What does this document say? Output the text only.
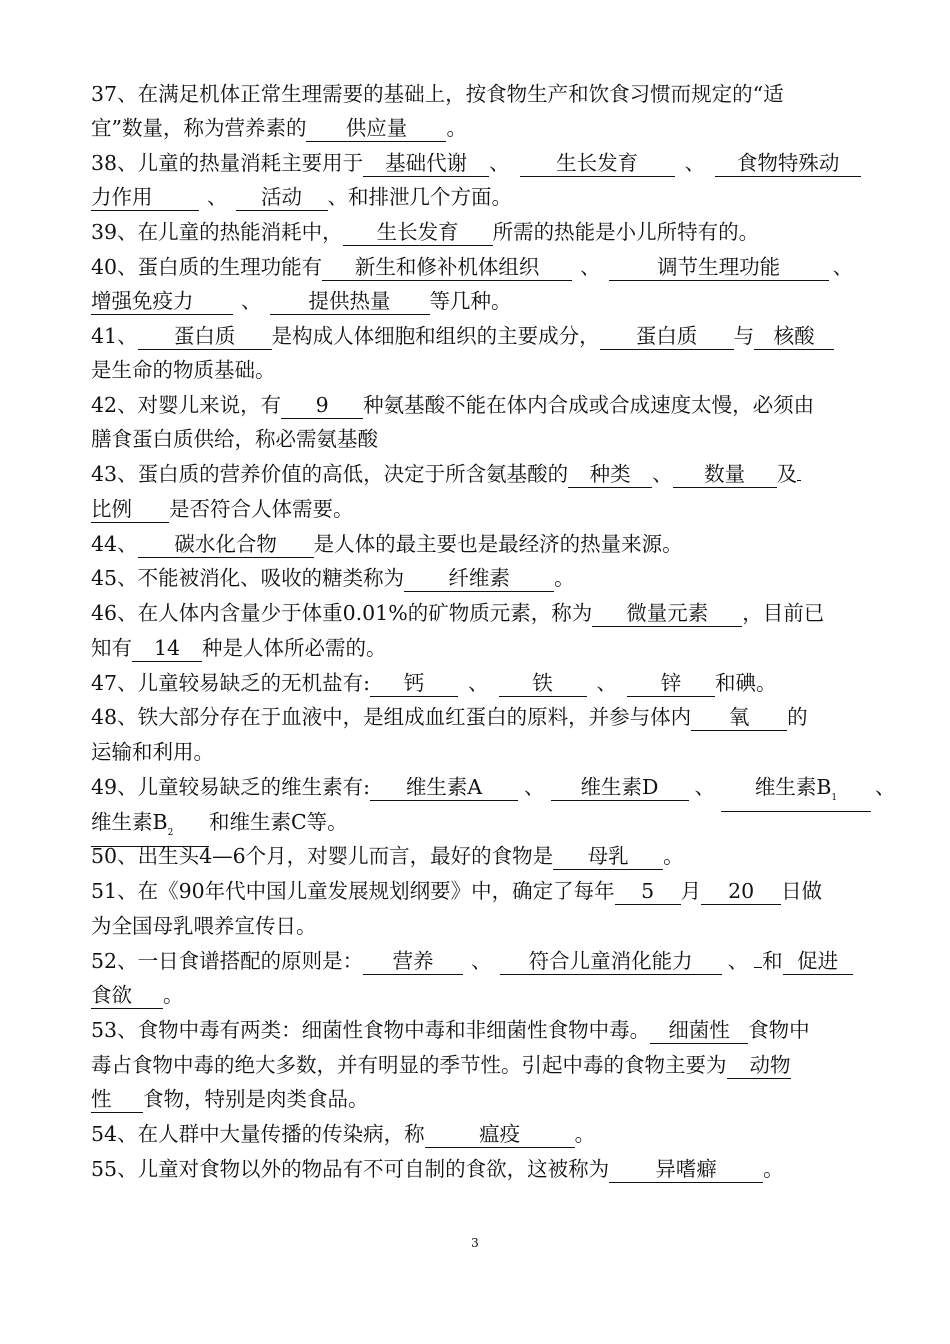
37、在满足机体正常生理需要的基础上，按食物生产和饮食习惯而规定的“适
宜”数量，称为营养素的 供应量 。
38、儿童的热量消耗主要用于 基础代谢 、 生长发育 、 食物特殊动
力作用	、 活动 、和排泄几个方面。
39、在儿童的热能消耗中， 生长发育 所需的热能是小儿所特有的。
40、蛋白质的生理功能有 新生和修补机体组织 、	调节生理功能	、
增强免疫力 、 提供热量 等几种。
41、 蛋白质 是构成人体细胞和组织的主要成分， 蛋白质 与 核酸
是生命的物质基础。
42、对婴儿来说，有 9 种氨基酸不能在体内合成或合成速度太慢，必须由
膳食蛋白质供给，称必需氨基酸
43、蛋白质的营养价值的高低，决定于所含氨基酸的 种类 、 数量 及
比例 是否符合人体需要。
44、 碳水化合物 是人体的最主要也是最经济的热量来源。
45、不能被消化、吸收的糖类称为 纤维素 。
46、在人体内含量少于体重0.01%的矿物质元素，称为 微量元素 ，目前已
知有 14 种是人体所必需的。
47、儿童较易缺乏的无机盐有: 钙 、 铁 、 锌 和碘。
48、铁大部分存在于血液中，是组成血红蛋白的原料，并参与体内 氧 的
运输和利用。
49、儿童较易缺乏的维生素有: 维生素A 、 维生素D 、 维生素$B_1$ 、
维生素$B_2$ 和维生素C等。
50、出生头4—6个月，对婴儿而言，最好的食物是 母乳 。
51、在《90年代中国儿童发展规划纲要》中，确定了每年 5 月 20 日做
为全国母乳喂养宣传日。
52、一日食谱搭配的原则是： 营养 、 符合儿童消化能力 、 和 促进
食欲 。
53、食物中毒有两类：细菌性食物中毒和非细菌性食物中毒。 细菌性 食物中
毒占食物中毒的绝大多数，并有明显的季节性。引起中毒的食物主要为 动物
性 食物，特别是肉类食品。
54、在人群中大量传播的传染病，称	瘟疫	。
55、儿童对食物以外的物品有不可自制的食欲，这被称为 异嗜癖 。
3
